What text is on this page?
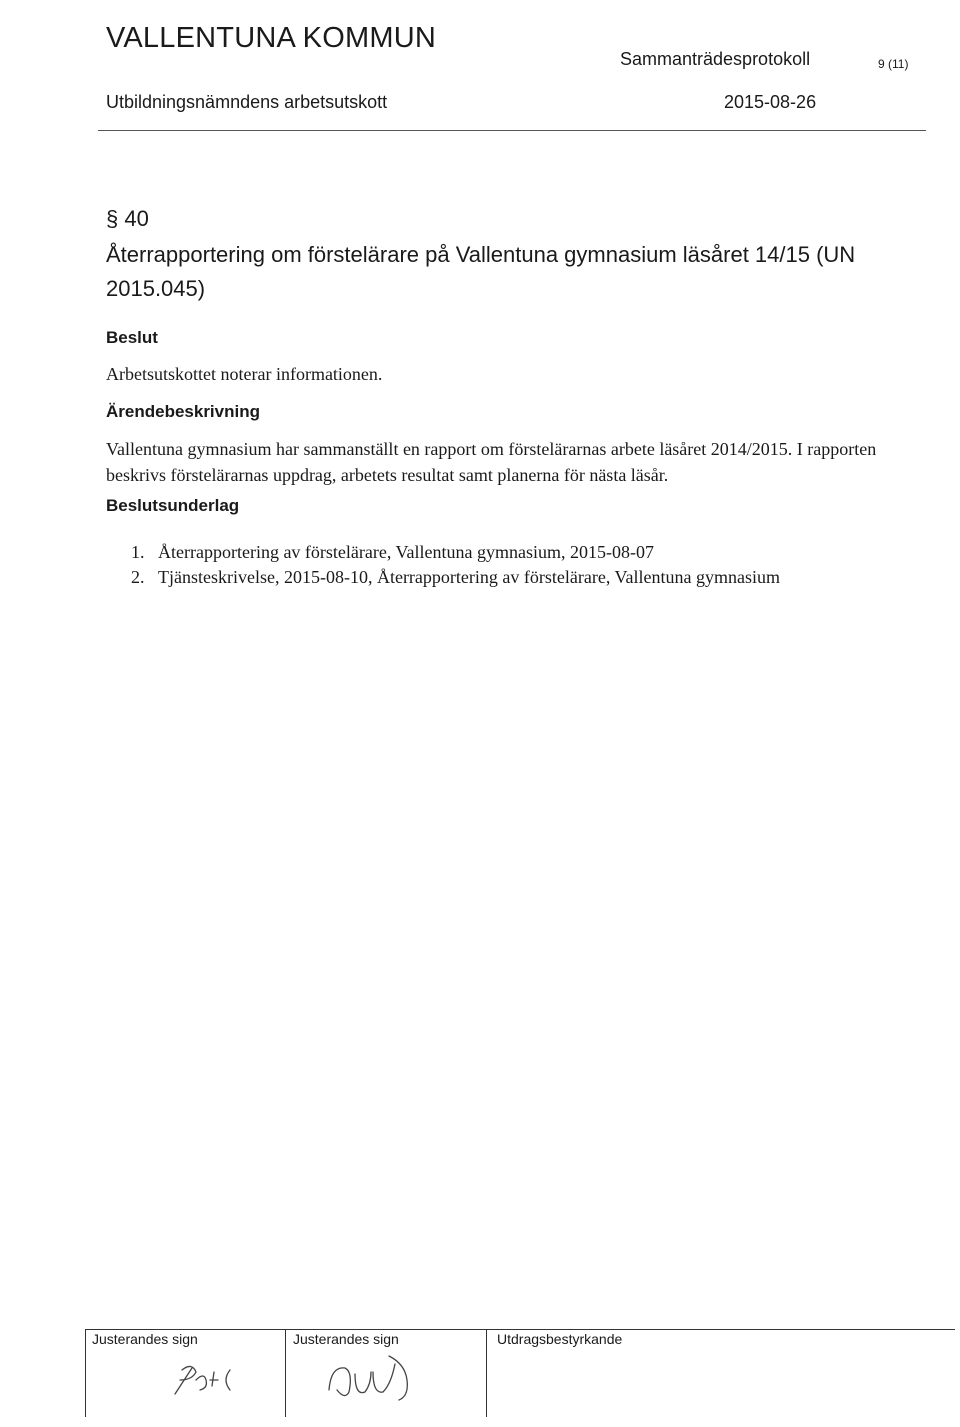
VALLENTUNA KOMMUN
Sammanträdesprotokoll	9 (11)
Utbildningsnämndens arbetsutskott	2015-08-26
§ 40
Återrapportering om förstelärare på Vallentuna gymnasium läsåret 14/15 (UN 2015.045)
Beslut
Arbetsutskottet noterar informationen.
Ärendebeskrivning
Vallentuna gymnasium har sammanställt en rapport om förstelärarnas arbete läsåret 2014/2015. I rapporten beskrivs förstelärarnas uppdrag, arbetets resultat samt planerna för nästa läsår.
Beslutsunderlag
1. Återrapportering av förstelärare, Vallentuna gymnasium, 2015-08-07
2. Tjänsteskrivelse, 2015-08-10, Återrapportering av förstelärare, Vallentuna gymnasium
Justerandes sign	Justerandes sign	Utdragsbestyrkande
